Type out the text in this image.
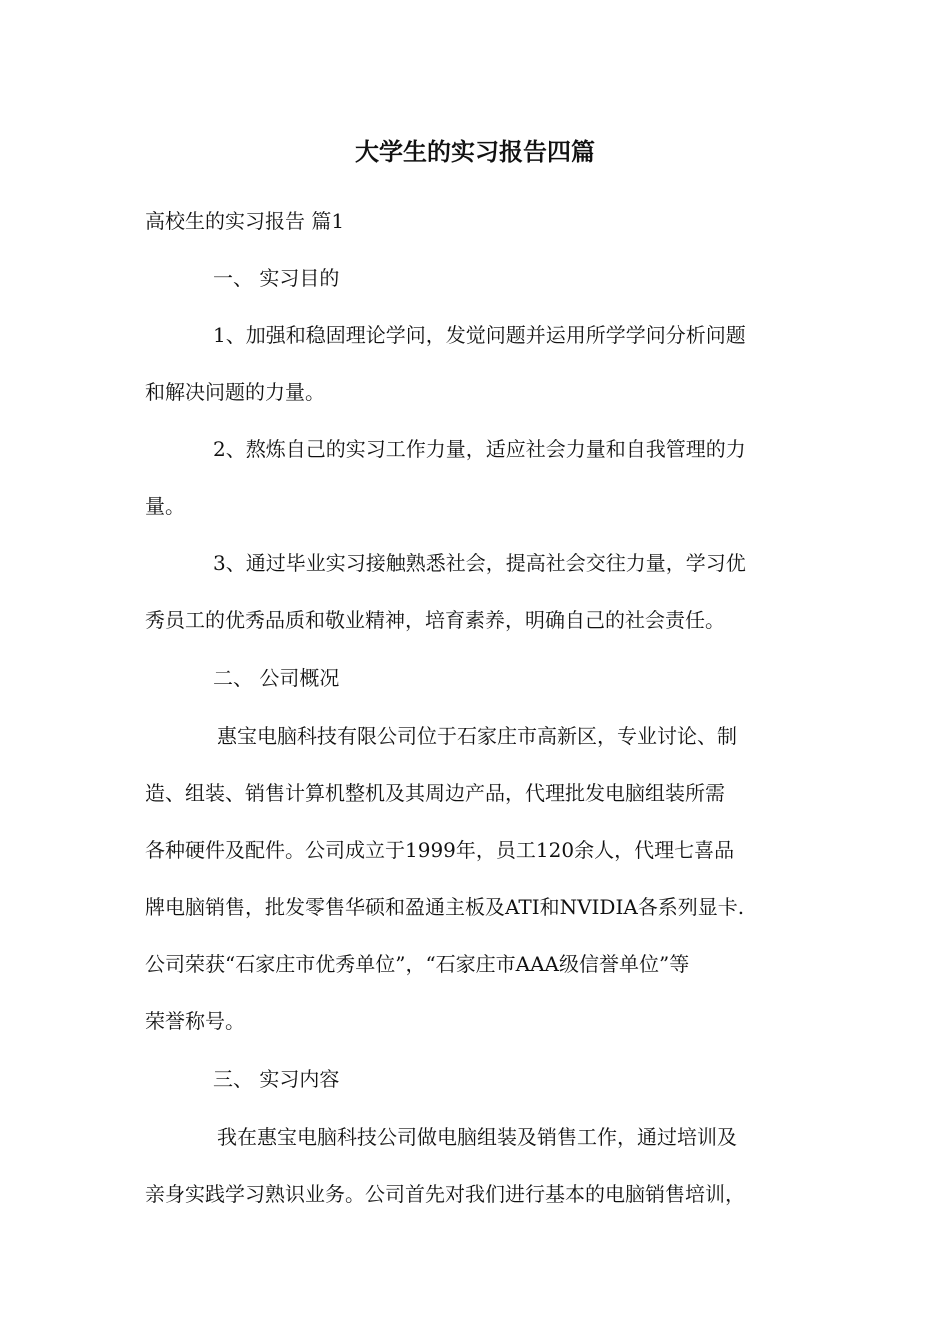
大学生的实习报告四篇
高校生的实习报告 篇1
一、 实习目的
1、加强和稳固理论学问，发觉问题并运用所学学问分析问题
和解决问题的力量。
2、熬炼自己的实习工作力量，适应社会力量和自我管理的力
量。
3、通过毕业实习接触熟悉社会，提高社会交往力量，学习优
秀员工的优秀品质和敬业精神，培育素养，明确自己的社会责任。
二、 公司概况
惠宝电脑科技有限公司位于石家庄市高新区，专业讨论、制
造、组装、销售计算机整机及其周边产品，代理批发电脑组装所需
各种硬件及配件。公司成立于1999年，员工120余人，代理七喜品
牌电脑销售，批发零售华硕和盈通主板及ATI和NVIDIA各系列显卡.
公司荣获“石家庄市优秀单位”，“石家庄市AAA级信誉单位”等
荣誉称号。
三、 实习内容
我在惠宝电脑科技公司做电脑组装及销售工作，通过培训及
亲身实践学习熟识业务。公司首先对我们进行基本的电脑销售培训，
